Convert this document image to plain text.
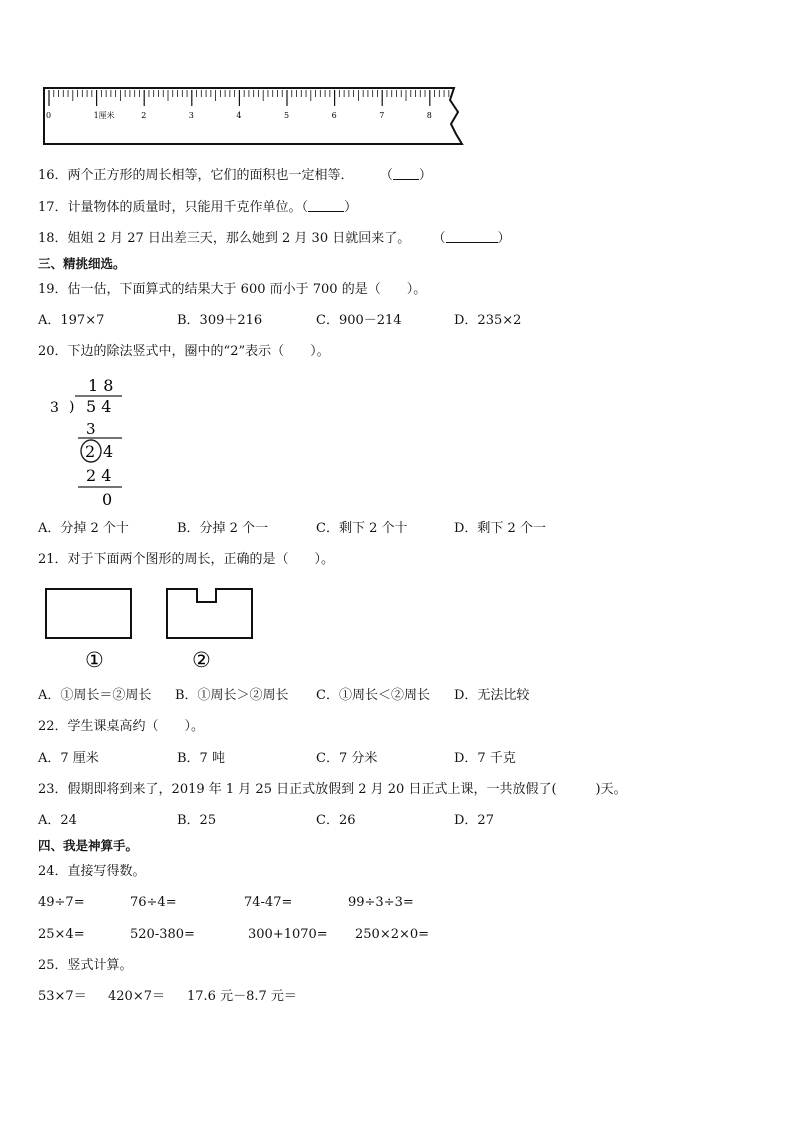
0	1厘米	2	3	4	5	6	7	8
16．两个正方形的周长相等，它们的面积也一定相等． （ ）
17．计量物体的质量时，只能用千克作单位。（	）
18．姐姐 2 月 27 日出差三天，那么她到 2 月 30 日就回来了。 （	）
三、精挑细选。
19．估一估，下面算式的结果大于 600 而小于 700 的是（　　）。
A．197×7	B．309＋216	C．900－214	D．235×2
20．下边的除法竖式中，圈中的“2”表示（　　）。
1 8
3 ) 5 4
3
2 4
2 4
0
A．分掉 2 个十	B．分掉 2 个一	C．剩下 2 个十	D．剩下 2 个一
21．对于下面两个图形的周长，正确的是（　　）。
①	②
A．①周长＝②周长 B．①周长＞②周长 C．①周长＜②周长 D．无法比较
22．学生课桌高约（　　）。
A．7 厘米	B．7 吨	C．7 分米	D．7 千克
23．假期即将到来了，2019 年 1 月 25 日正式放假到 2 月 20 日正式上课，一共放假了(　　　)天。
A．24	B．25	C．26	D．27
四、我是神算手。
24．直接写得数。
49÷7=	76÷4=	74-47=	99÷3÷3=
25×4=	520-380=	300+1070= 250×2×0=
25．竖式计算。
53×7＝ 420×7＝ 17.6 元－8.7 元＝
